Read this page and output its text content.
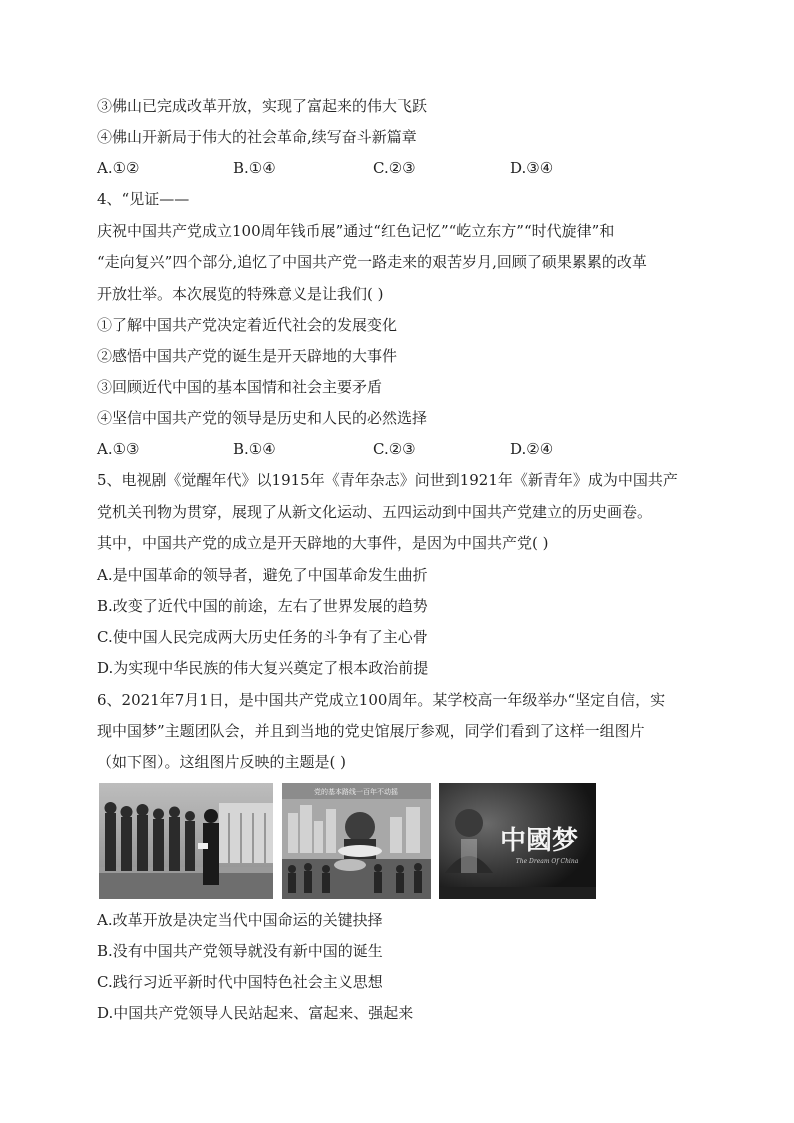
③佛山已完成改革开放，实现了富起来的伟大飞跃
④佛山开新局于伟大的社会革命,续写奋斗新篇章
A.①②	B.①④	C.②③	D.③④
4、“见证——
庆祝中国共产党成立100周年钱币展”通过“红色记忆”“屹立东方”“时代旋律”和
“走向复兴”四个部分,追忆了中国共产党一路走来的艰苦岁月,回顾了硕果累累的改革
开放壮举。本次展览的特殊意义是让我们( )
①了解中国共产党决定着近代社会的发展变化
②感悟中国共产党的诞生是开天辟地的大事件
③回顾近代中国的基本国情和社会主要矛盾
④坚信中国共产党的领导是历史和人民的必然选择
A.①③	B.①④	C.②③	D.②④
5、电视剧《觉醒年代》以1915年《青年杂志》问世到1921年《新青年》成为中国共产
党机关刊物为贯穿，展现了从新文化运动、五四运动到中国共产党建立的历史画卷。
其中，中国共产党的成立是开天辟地的大事件，是因为中国共产党( )
A.是中国革命的领导者，避免了中国革命发生曲折
B.改变了近代中国的前途，左右了世界发展的趋势
C.使中国人民完成两大历史任务的斗争有了主心骨
D.为实现中华民族的伟大复兴奠定了根本政治前提
6、2021年7月1日，是中国共产党成立100周年。某学校高一年级举办“坚定自信，实
现中国梦”主题团队会，并且到当地的党史馆展厅参观，同学们看到了这样一组图片
（如下图）。这组图片反映的主题是( )
党的基本路线一百年不动摇
中國梦
The Dream Of China
A.改革开放是决定当代中国命运的关键抉择
B.没有中国共产党领导就没有新中国的诞生
C.践行习近平新时代中国特色社会主义思想
D.中国共产党领导人民站起来、富起来、强起来
